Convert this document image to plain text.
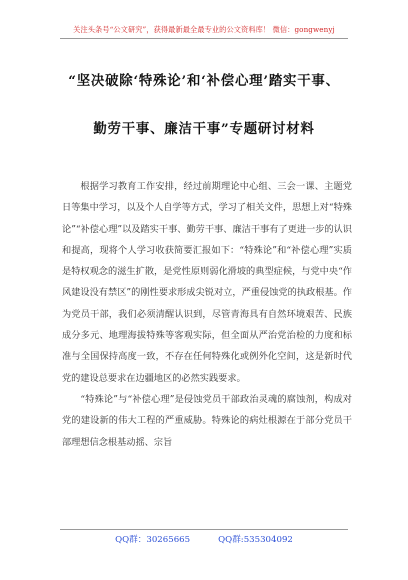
关注头条号“公文研究”，获得最新最全最专业的公文资料库！ 微信：gongwenyj
“坚决破除‘特殊论’和‘补偿心理’踏实干事、
勤劳干事、廉洁干事”专题研讨材料

根据学习教育工作安排，经过前期理论中心组、三会一课、主题党日等集中学习，以及个人自学等方式，学习了相关文件，思想上对“特殊论”“补偿心理”以及踏实干事、勤劳干事、廉洁干事有了更进一步的认识和提高，现将个人学习收获简要汇报如下：“特殊论”和“补偿心理”实质是特权观念的滋生扩散，是党性原则弱化滑坡的典型症候，与党中央“作风建设没有禁区”的刚性要求形成尖锐对立，严重侵蚀党的执政根基。作为党员干部，我们必须清醒认识到，尽管青海具有自然环境艰苦、民族成分多元、地理海拔特殊等客观实际，但全面从严治党治检的力度和标准与全国保持高度一致，不存在任何特殊化或例外化空间，这是新时代党的建设总要求在边疆地区的必然实践要求。

“特殊论”与“补偿心理”是侵蚀党员干部政治灵魂的腐蚀剂，构成对党的建设新的伟大工程的严重威胁。特殊论的病灶根源在于部分党员干部理想信念根基动摇、宗旨

QQ群：30265665	QQ群:535304092
